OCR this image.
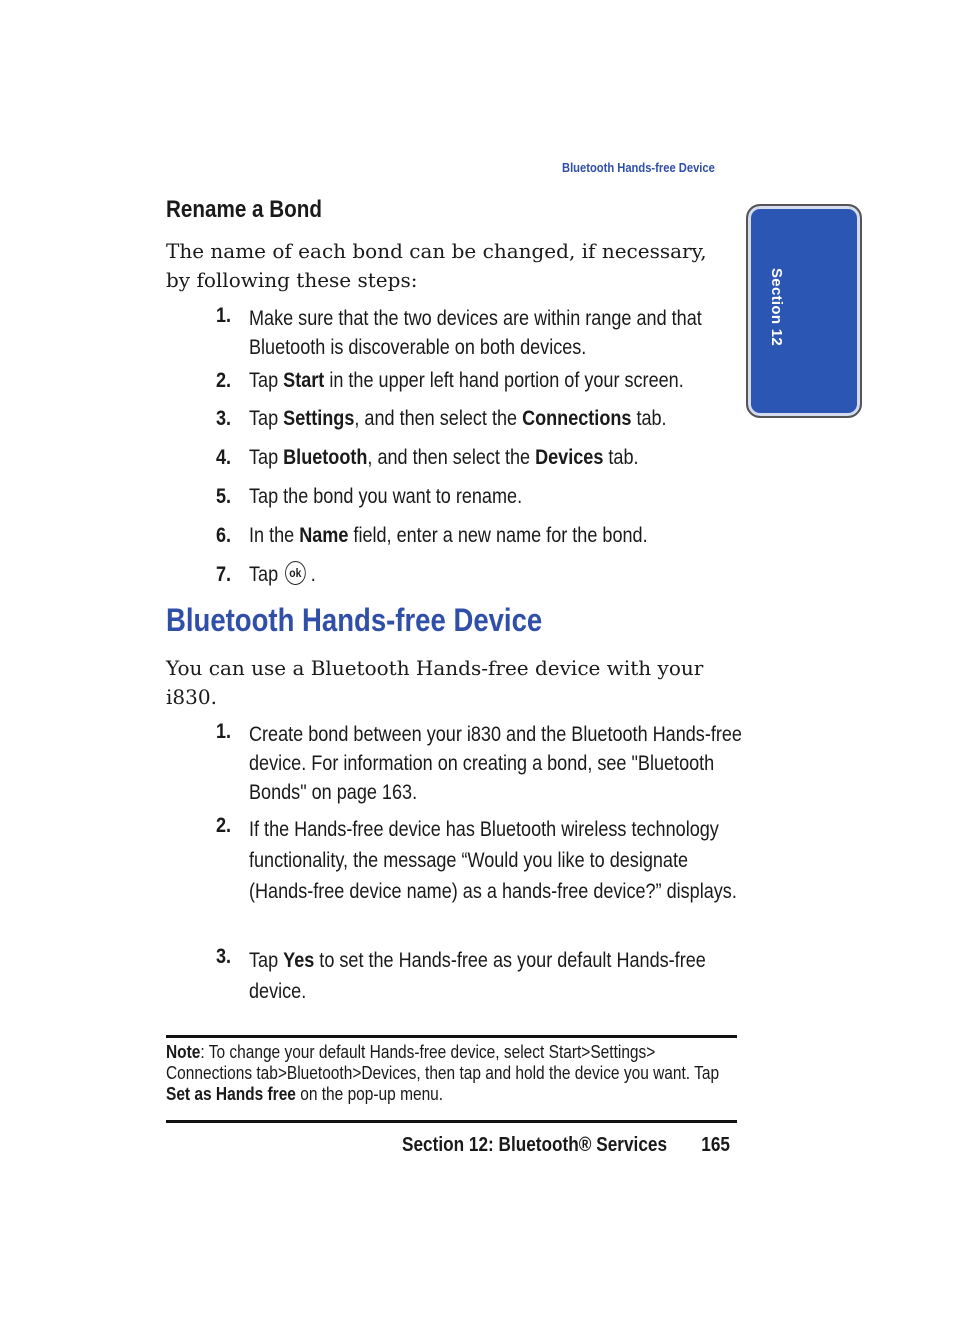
Bluetooth Hands-free Device
Section 12
Rename a Bond
The name of each bond can be changed, if necessary, by following these steps:
1. Make sure that the two devices are within range and that Bluetooth is discoverable on both devices.
2. Tap Start in the upper left hand portion of your screen.
3. Tap Settings, and then select the Connections tab.
4. Tap Bluetooth, and then select the Devices tab.
5. Tap the bond you want to rename.
6. In the Name field, enter a new name for the bond.
7. Tap ok .
Bluetooth Hands-free Device
You can use a Bluetooth Hands-free device with your i830.
1. Create bond between your i830 and the Bluetooth Hands-free device. For information on creating a bond, see "Bluetooth Bonds" on page 163.
2. If the Hands-free device has Bluetooth wireless technology functionality, the message “Would you like to designate (Hands-free device name) as a hands-free device?” displays.
3. Tap Yes to set the Hands-free as your default Hands-free device.
Note: To change your default Hands-free device, select Start>Settings> Connections tab>Bluetooth>Devices, then tap and hold the device you want. Tap Set as Hands free on the pop-up menu.
Section 12: Bluetooth® Services 165
